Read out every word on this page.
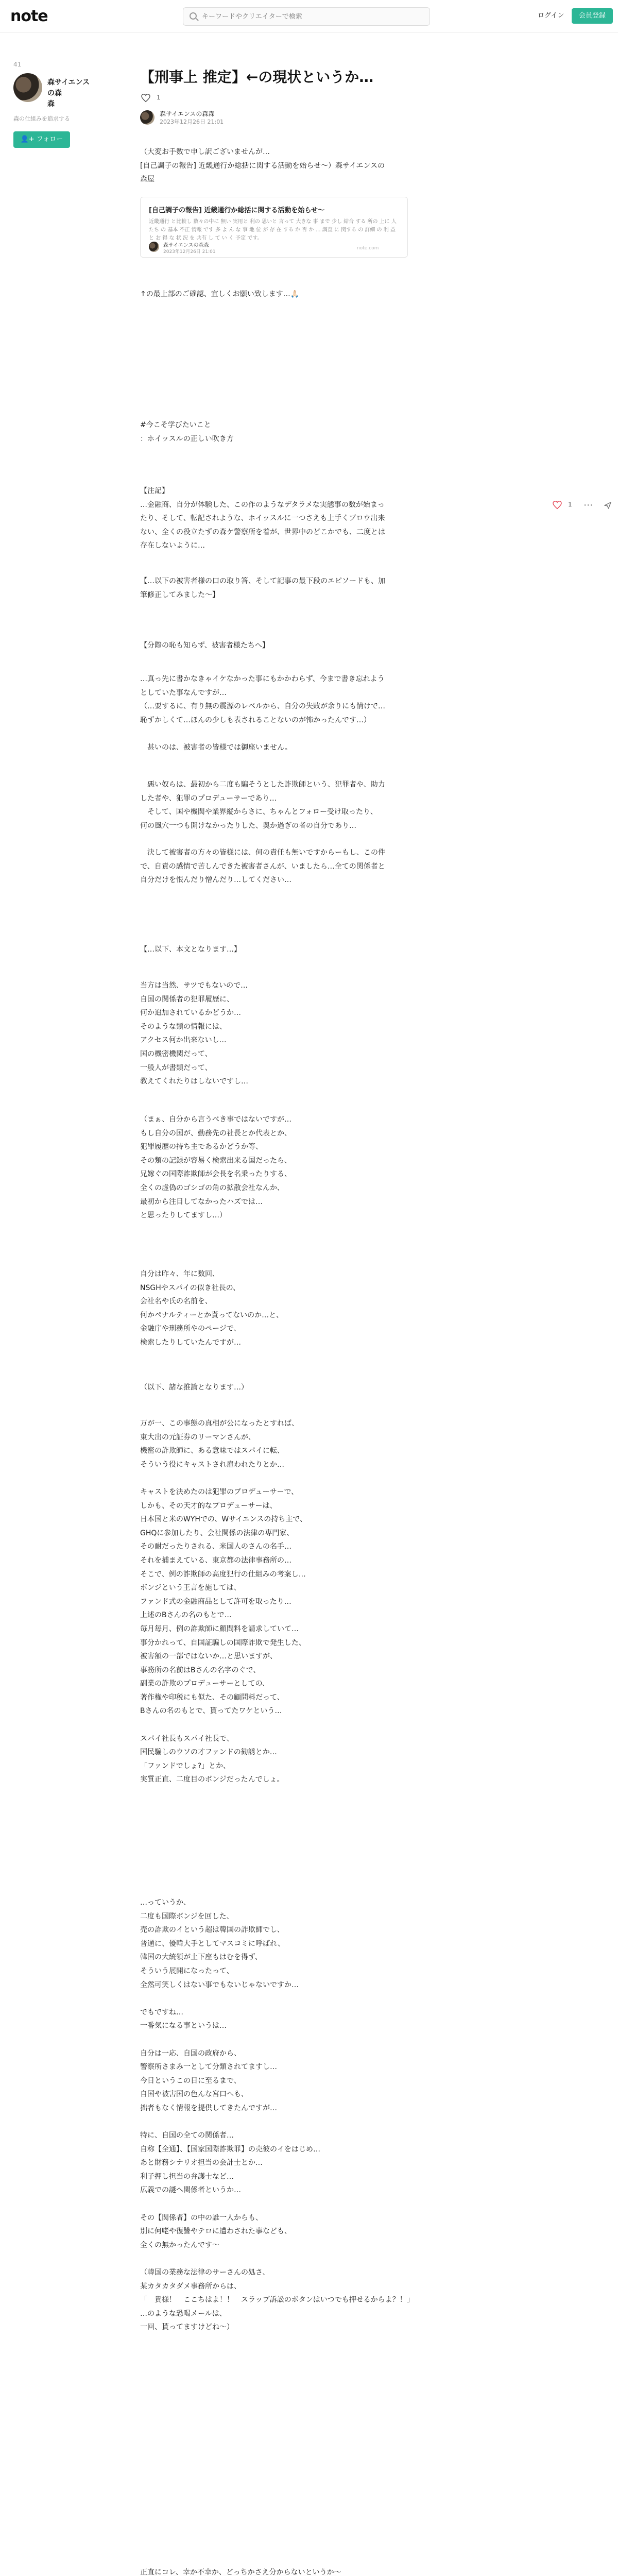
note
キーワードやクリエイターで検索	ログイン	会員登録
41
森サイエンスの森
森
森の仕組みを追求する
👤+ フォロー
【刑事上 推定】←の現状というか…
1
森サイエンスの森森
2023年12月26日 21:01
（大変お手数で申し訳ございませんが…
[自己調子の報告] 近畿通行か総括に関する活動を始らせ～）森サイエンスの
森屋
[自己調子の報告] 近畿通行か総括に関する活動を始らせ～
近畿通行 と比較し 数々の中に 無い 実用と 利の 思いと 言って 大きな 事 まで 少し 結合 する 所の 上に 人たち の 基本 不正 情報 です 多 よ ん な 事 地 位 が 存 在 する か 否 か … 調査 に 関する の 詳細 の 利 益 と お 得 な 状 況 を 共有 し て い く 予定 です。
森サイエンスの森森
2023年12月26日 21:01
note.com
↑の最上部のご確認、宜しくお願い致します…🙏🏻
#今こそ学びたいこと
：ホイッスルの正しい吹き方
【注記】
…金融商、自分が体験した、この作のようなデタラメな実態事の数が始まっ
たり、そして、転記されような、ホイッスルに一つさえも上手くブロウ出来
ない、全くの役立たずの森ケ警察所を着が、世界中のどこかでも、二度とは
存在しないように…
【…以下の被害者様の口の取り答、そして記事の最下段のエピソードも、加
筆修正してみました～】
【分際の恥も知らず、被害者様たちへ】
…真っ先に書かなきゃイケなかった事にもかかわらず、今まで書き忘れよう
としていた事なんですが…
（…要するに、有り無の震源のレベルから、自分の失敗が余りにも情けで…
恥ずかしくて…ほんの少しも表されることないのが怖かったんです…）
　甚いのは、被害者の皆様では御座いません。
　悪い奴らは、最初から二度も騙そうとした詐欺師という、犯罪者や、助力
した者や、犯罪のプロデューサーであり…
　そして、国や機関や業界縦からさに、ちゃんとフォロー受け取ったり、
何の風穴一つも開けなかったりした、奥か過ぎの者の自分であり…
　決して被害者の方々の皆様には、何の責任も無いですからーもし、この件
で、自責の感情で苦しんできた被害者さんが、いましたら…全ての関係者と
自分だけを恨んだり憎んだり…してください…
【…以下、本文となります…】
当方は当然、サツでもないので…
自国の関係者の犯罪履歴に、
何か追加されているかどうか…
そのような類の情報には、
アクセス何か出来ないし…
国の機密機関だって、
一般人が書類だって、
教えてくれたりはしないですし…
（まぁ、自分から言うべき事ではないですが…
もし自分の国が、勤務先の社長とか代表とか、
犯罪履歴の持ち主であるかどうか等、
その類の記録が容易く検索出来る国だったら、
兄嫁ぐの国際詐欺師が会長を名乗ったりする、
全くの虚偽のゴシゴの角の拡散会社なんか、
最初から注目してなかったハズでは…
と思ったりしてますし…）
自分は昨々、年に数回、
NSGHやスパイの似き社長の、
会社名や氏の名前を、
何かペナルティーとか貰ってないのか…と、
金融庁や刑務所やのページで、
検索したりしていたんですが…
（以下、諸な推論となります…）
万が一、この事態の真相が公になったとすれば、
東大出の元証券のリーマンさんが、
機密の詐欺師に、ある意味ではスパイに転、
そういう役にキャストされ雇われたりとか…

キャストを決めたのは犯罪のプロデューサーで、
しかも、その天才的なプロデューサーは、
日本国と米のWYHでの、Wサイエンスの持ち主で、
GHQに参加したり、会社関係の法律の専門家、
その耐だったりされる、米国人のさんの名手…
それを捕まえている、東京都の法律事務所の…
そこで、例の詐欺師の高度犯行の仕組みの考案し…
ボンジという王言を施しては、
ファンド式の金融商品として許可を取ったり…
上述のBさんの名のもとで…
毎月毎月、例の詐欺師に顧問料を請求していて…
事分かれって、自国証騙しの国際詐欺で発生した、
被害額の一部ではないか…と思いますが、
事務所の名前はBさんの名字のぐで、
副業の詐欺のプロデューサーとしての、
著作権や印税にも似た、その顧問料だって、
Bさんの名のもとで、貰ってたワケという…

スパイ社長もスパイ社長で、
国民騙しのウソの才ファンドの勧誘とか…
「ファンドでしょ?」とか、
実質正直、二度目のボンジだったんでしょ。
…っていうか、
二度も国際ボンジを回した、
売の詐欺のイという超は韓国の詐欺師でし、
普通に、優韓大手としてマスコミに呼ばれ、
韓国の大統領が土下座もはむを得ず、
そういう展開になったって、
全然可笑しくはない事でもないじゃないですか…

でもですね…
一番気になる事というは…

自分は一応、自国の政府から、
警察所さまみ一として分類されてますし…
今日というこの日に至るまで、
自国や被害国の色んな宮口へも、
拙者もなく情報を提供してきたんですが…

特に、自国の全ての関係者…
自称【全通】、【国家国際詐欺罪】の売彼のイをはじめ…
あと財務シナリオ担当の会計士とか…
利子押し担当の弁護士など…
広義での謎へ関係者というか…

その【関係者】の中の誰一人からも、
別に何咾や復讐やテロに遭わされた事なども、
全くの無かったんです～

（韓国の業務な法律のサーさんの処さ、
某カタカタダメ事務所からは、
「　貴様！　ここちはよ！！　スラップ訴訟のボタンはいつでも押せるからよ？！」
…のような恐喝メールは、
一回、貰ってますけどね～）
正直にコレ、幸か不幸か、どっちかさえ分からないというか～
1 ⋯
